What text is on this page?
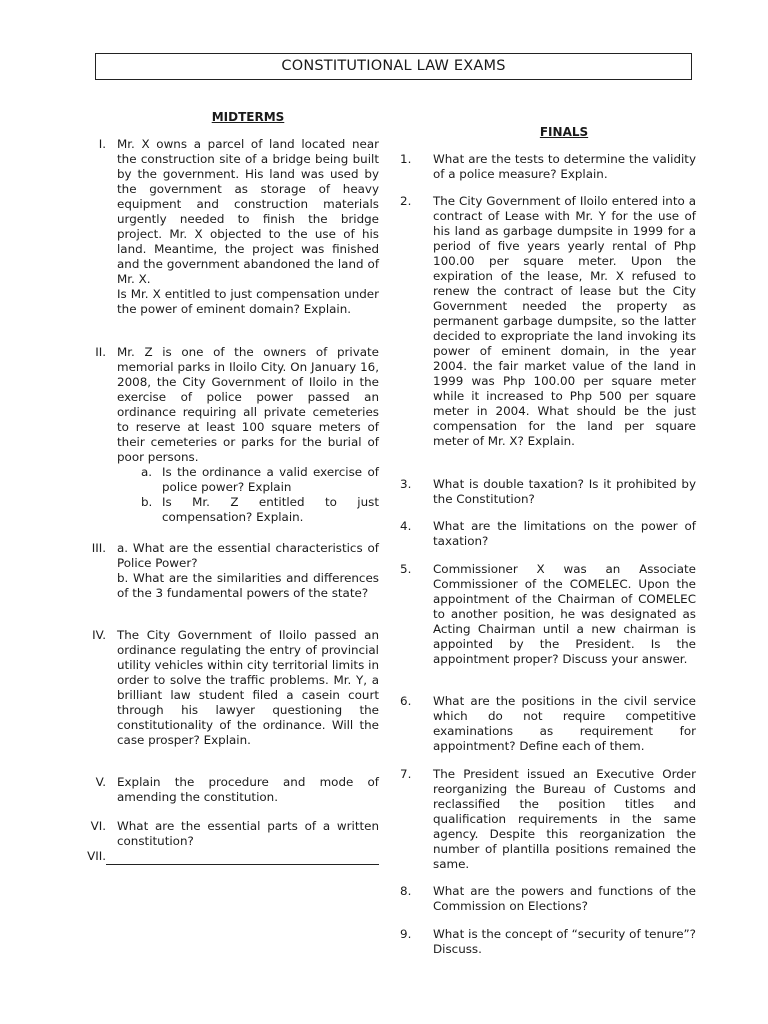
CONSTITUTIONAL LAW EXAMS
MIDTERMS
FINALS
I. Mr. X owns a parcel of land located near the construction site of a bridge being built by the government. His land was used by the government as storage of heavy equipment and construction materials urgently needed to finish the bridge project. Mr. X objected to the use of his land. Meantime, the project was finished and the government abandoned the land of Mr. X.

Is Mr. X entitled to just compensation under the power of eminent domain? Explain.

II. Mr. Z is one of the owners of private memorial parks in Iloilo City. On January 16, 2008, the City Government of Iloilo in the exercise of police power passed an ordinance requiring all private cemeteries to reserve at least 100 square meters of their cemeteries or parks for the burial of poor persons.

a. Is the ordinance a valid exercise of police power? Explain
b. Is Mr. Z entitled to just compensation? Explain.
III. a. What are the essential characteristics of Police Power?

b. What are the similarities and differences of the 3 fundamental powers of the state?

IV. The City Government of Iloilo passed an ordinance regulating the entry of provincial utility vehicles within city territorial limits in order to solve the traffic problems. Mr. Y, a brilliant law student filed a casein court through his lawyer questioning the constitutionality of the ordinance. Will the case prosper? Explain.

V. Explain the procedure and mode of amending the constitution.

VI. What are the essential parts of a written constitution?

VII.
1. What are the tests to determine the validity of a police measure? Explain.
2. The City Government of Iloilo entered into a contract of Lease with Mr. Y for the use of his land as garbage dumpsite in 1999 for a period of five years yearly rental of Php 100.00 per square meter. Upon the expiration of the lease, Mr. X refused to renew the contract of lease but the City Government needed the property as permanent garbage dumpsite, so the latter decided to expropriate the land invoking its power of eminent domain, in the year 2004. the fair market value of the land in 1999 was Php 100.00 per square meter while it increased to Php 500 per square meter in 2004. What should be the just compensation for the land per square meter of Mr. X? Explain.
3. What is double taxation? Is it prohibited by the Constitution?
4. What are the limitations on the power of taxation?
5. Commissioner X was an Associate Commissioner of the COMELEC. Upon the appointment of the Chairman of COMELEC to another position, he was designated as Acting Chairman until a new chairman is appointed by the President. Is the appointment proper? Discuss your answer.
6. What are the positions in the civil service which do not require competitive examinations as requirement for appointment? Define each of them.
7. The President issued an Executive Order reorganizing the Bureau of Customs and reclassified the position titles and qualification requirements in the same agency. Despite this reorganization the number of plantilla positions remained the same.
8. What are the powers and functions of the Commission on Elections?
9. What is the concept of “security of tenure”? Discuss.
